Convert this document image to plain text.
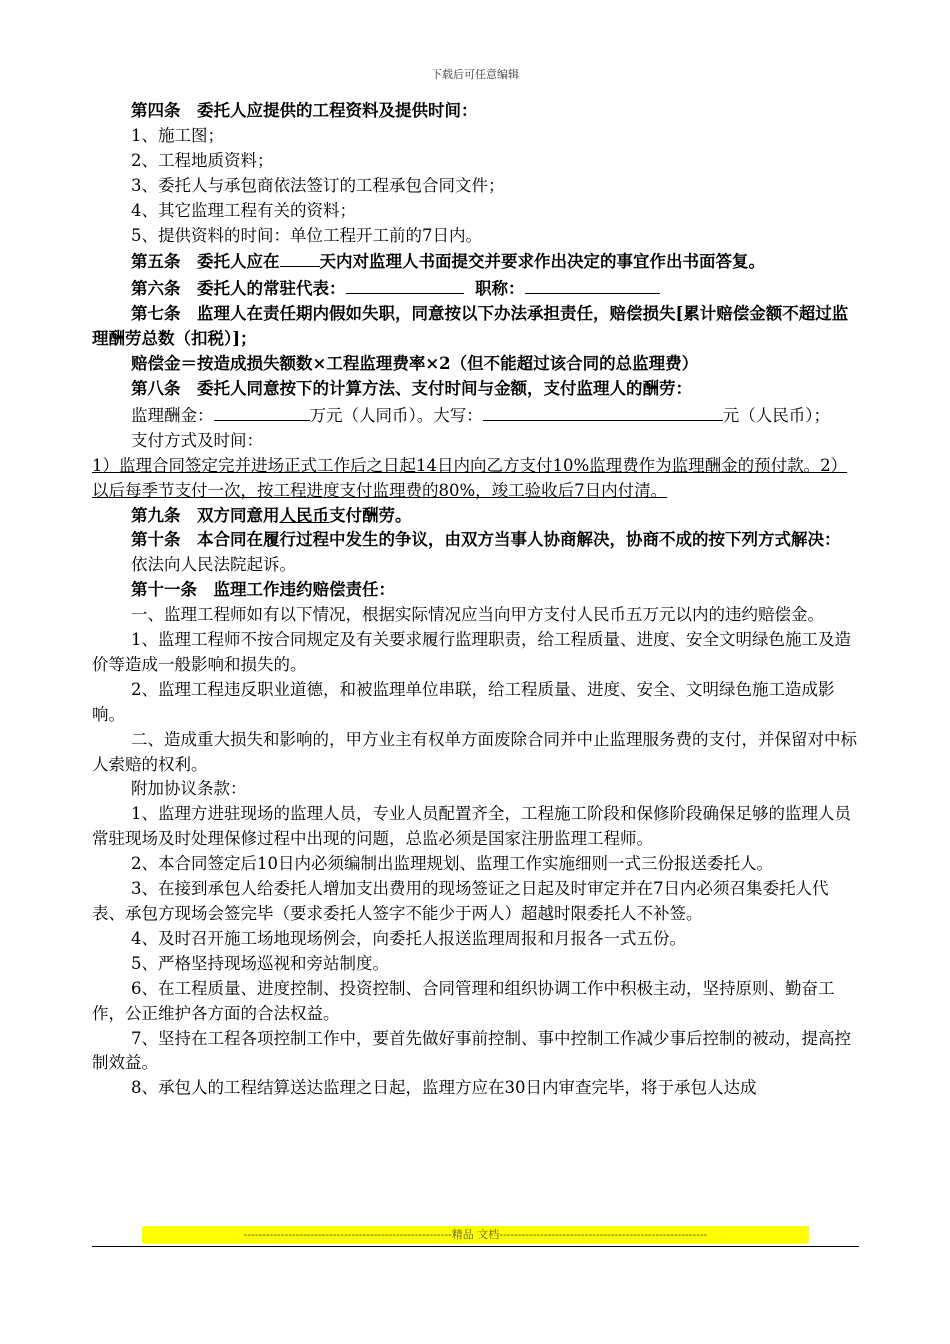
下载后可任意编辑

第四条　委托人应提供的工程资料及提供时间：

1、施工图；

2、工程地质资料；

3、委托人与承包商依法签订的工程承包合同文件；

4、其它监理工程有关的资料；

5、提供资料的时间：单位工程开工前的7日内。

第五条　委托人应在 天内对监理人书面提交并要求作出决定的事宜作出书面答复。

第六条　委托人的常驻代表：	职称：

第七条　监理人在责任期内假如失职，同意按以下办法承担责任，赔偿损失[累计赔偿金额不超过监理酬劳总数（扣税）]；

赔偿金＝按造成损失额数×工程监理费率×2（但不能超过该合同的总监理费）

第八条　委托人同意按下的计算方法、支付时间与金额，支付监理人的酬劳：

监理酬金：	万元（人同币）。大写：	元（人民币）；

支付方式及时间：

1）监理合同签定完并进场正式工作后之日起14日内向乙方支付10%监理费作为监理酬金的预付款。2）以后每季节支付一次，按工程进度支付监理费的80%，竣工验收后7日内付清。

第九条　双方同意用人民币支付酬劳。

第十条　本合同在履行过程中发生的争议，由双方当事人协商解决，协商不成的按下列方式解决：

依法向人民法院起诉。

第十一条　监理工作违约赔偿责任：

一、监理工程师如有以下情况，根据实际情况应当向甲方支付人民币五万元以内的违约赔偿金。

1、监理工程师不按合同规定及有关要求履行监理职责，给工程质量、进度、安全文明绿色施工及造价等造成一般影响和损失的。

2、监理工程违反职业道德，和被监理单位串联，给工程质量、进度、安全、文明绿色施工造成影响。

二、造成重大损失和影响的，甲方业主有权单方面废除合同并中止监理服务费的支付，并保留对中标人索赔的权利。

附加协议条款：

1、监理方进驻现场的监理人员，专业人员配置齐全，工程施工阶段和保修阶段确保足够的监理人员常驻现场及时处理保修过程中出现的问题，总监必须是国家注册监理工程师。

2、本合同签定后10日内必须编制出监理规划、监理工作实施细则一式三份报送委托人。

3、在接到承包人给委托人增加支出费用的现场签证之日起及时审定并在7日内必须召集委托人代表、承包方现场会签完毕（要求委托人签字不能少于两人）超越时限委托人不补签。

4、及时召开施工场地现场例会，向委托人报送监理周报和月报各一式五份。

5、严格坚持现场巡视和旁站制度。

6、在工程质量、进度控制、投资控制、合同管理和组织协调工作中积极主动，坚持原则、勤奋工作，公正维护各方面的合法权益。

7、坚持在工程各项控制工作中，要首先做好事前控制、事中控制工作减少事后控制的被动，提高控制效益。

8、承包人的工程结算送达监理之日起，监理方应在30日内审查完毕，将于承包人达成

--------------------------------------------------------精品 文档--------------------------------------------------------
